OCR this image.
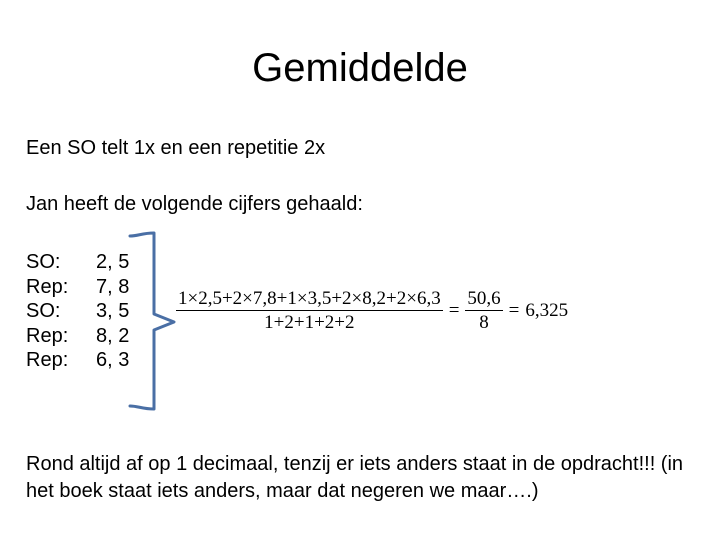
Gemiddelde
Een SO telt 1x en een repetitie 2x
Jan heeft de volgende cijfers gehaald:
SO:	2, 5
Rep:	7, 8
SO:	3, 5
Rep:	8, 2
Rep:	6, 3
$\frac{1\times 2,5+2\times 7,8+1\times 3,5+2\times 8,2+2\times 6,3}{1+2+1+2+2} = \frac{50,6}{8} = 6,325$
Rond altijd af op 1 decimaal, tenzij er iets anders staat in de opdracht!!! (in het boek staat iets anders, maar dat negeren we maar….)
